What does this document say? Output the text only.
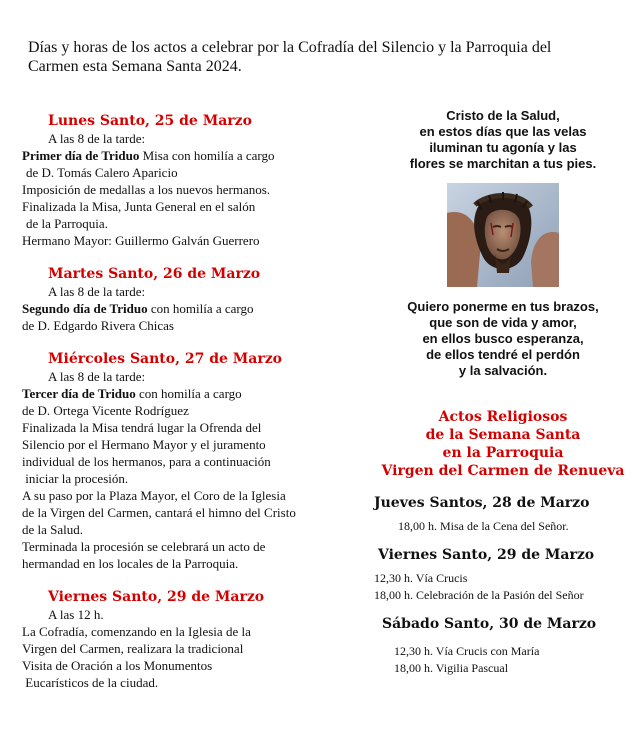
Días y horas de los actos a celebrar por la Cofradía del Silencio y la Parroquia del
Carmen esta Semana Santa 2024.
Lunes Santo, 25 de Marzo
A las 8 de la tarde:
Primer día de Triduo Misa con homilía a cargo
de D. Tomás Calero Aparicio
Imposición de medallas a los nuevos hermanos.
Finalizada la Misa, Junta General en el salón
de la Parroquia.
Hermano Mayor: Guillermo Galván Guerrero
Martes Santo, 26 de Marzo
A las 8 de la tarde:
Segundo día de Triduo con homilía a cargo
de D. Edgardo Rivera Chicas
Miércoles Santo, 27 de Marzo
A las 8 de la tarde:
Tercer día de Triduo con homilía a cargo
de D. Ortega Vicente Rodríguez
Finalizada la Misa tendrá lugar la Ofrenda del
Silencio por el Hermano Mayor y el juramento
individual de los hermanos, para a continuación
iniciar la procesión.
A su paso por la Plaza Mayor, el Coro de la Iglesia
de la Virgen del Carmen, cantará el himno del Cristo
de la Salud.
Terminada la procesión se celebrará un acto de
hermandad en los locales de la Parroquia.
Viernes Santo, 29 de Marzo
A las 12 h.
La Cofradía, comenzando en la Iglesia de la
Virgen del Carmen, realizara la tradicional
Visita de Oración a los Monumentos
Eucarísticos de la ciudad.
Cristo de la Salud,
en estos días que las velas
iluminan tu agonía y las
flores se marchitan a tus pies.
Quiero ponerme en tus brazos,
que son de vida y amor,
en ellos busco esperanza,
de ellos tendré el perdón
y la salvación.
Actos Religiosos
de la Semana Santa
en la Parroquia
Virgen del Carmen de Renueva
Jueves Santos, 28 de Marzo
18,00 h. Misa de la Cena del Señor.
Viernes Santo, 29 de Marzo
12,30 h. Vía Crucis
18,00 h. Celebración de la Pasión del Señor
Sábado Santo, 30 de Marzo
12,30 h. Vía Crucis con María
18,00 h. Vigilia Pascual
